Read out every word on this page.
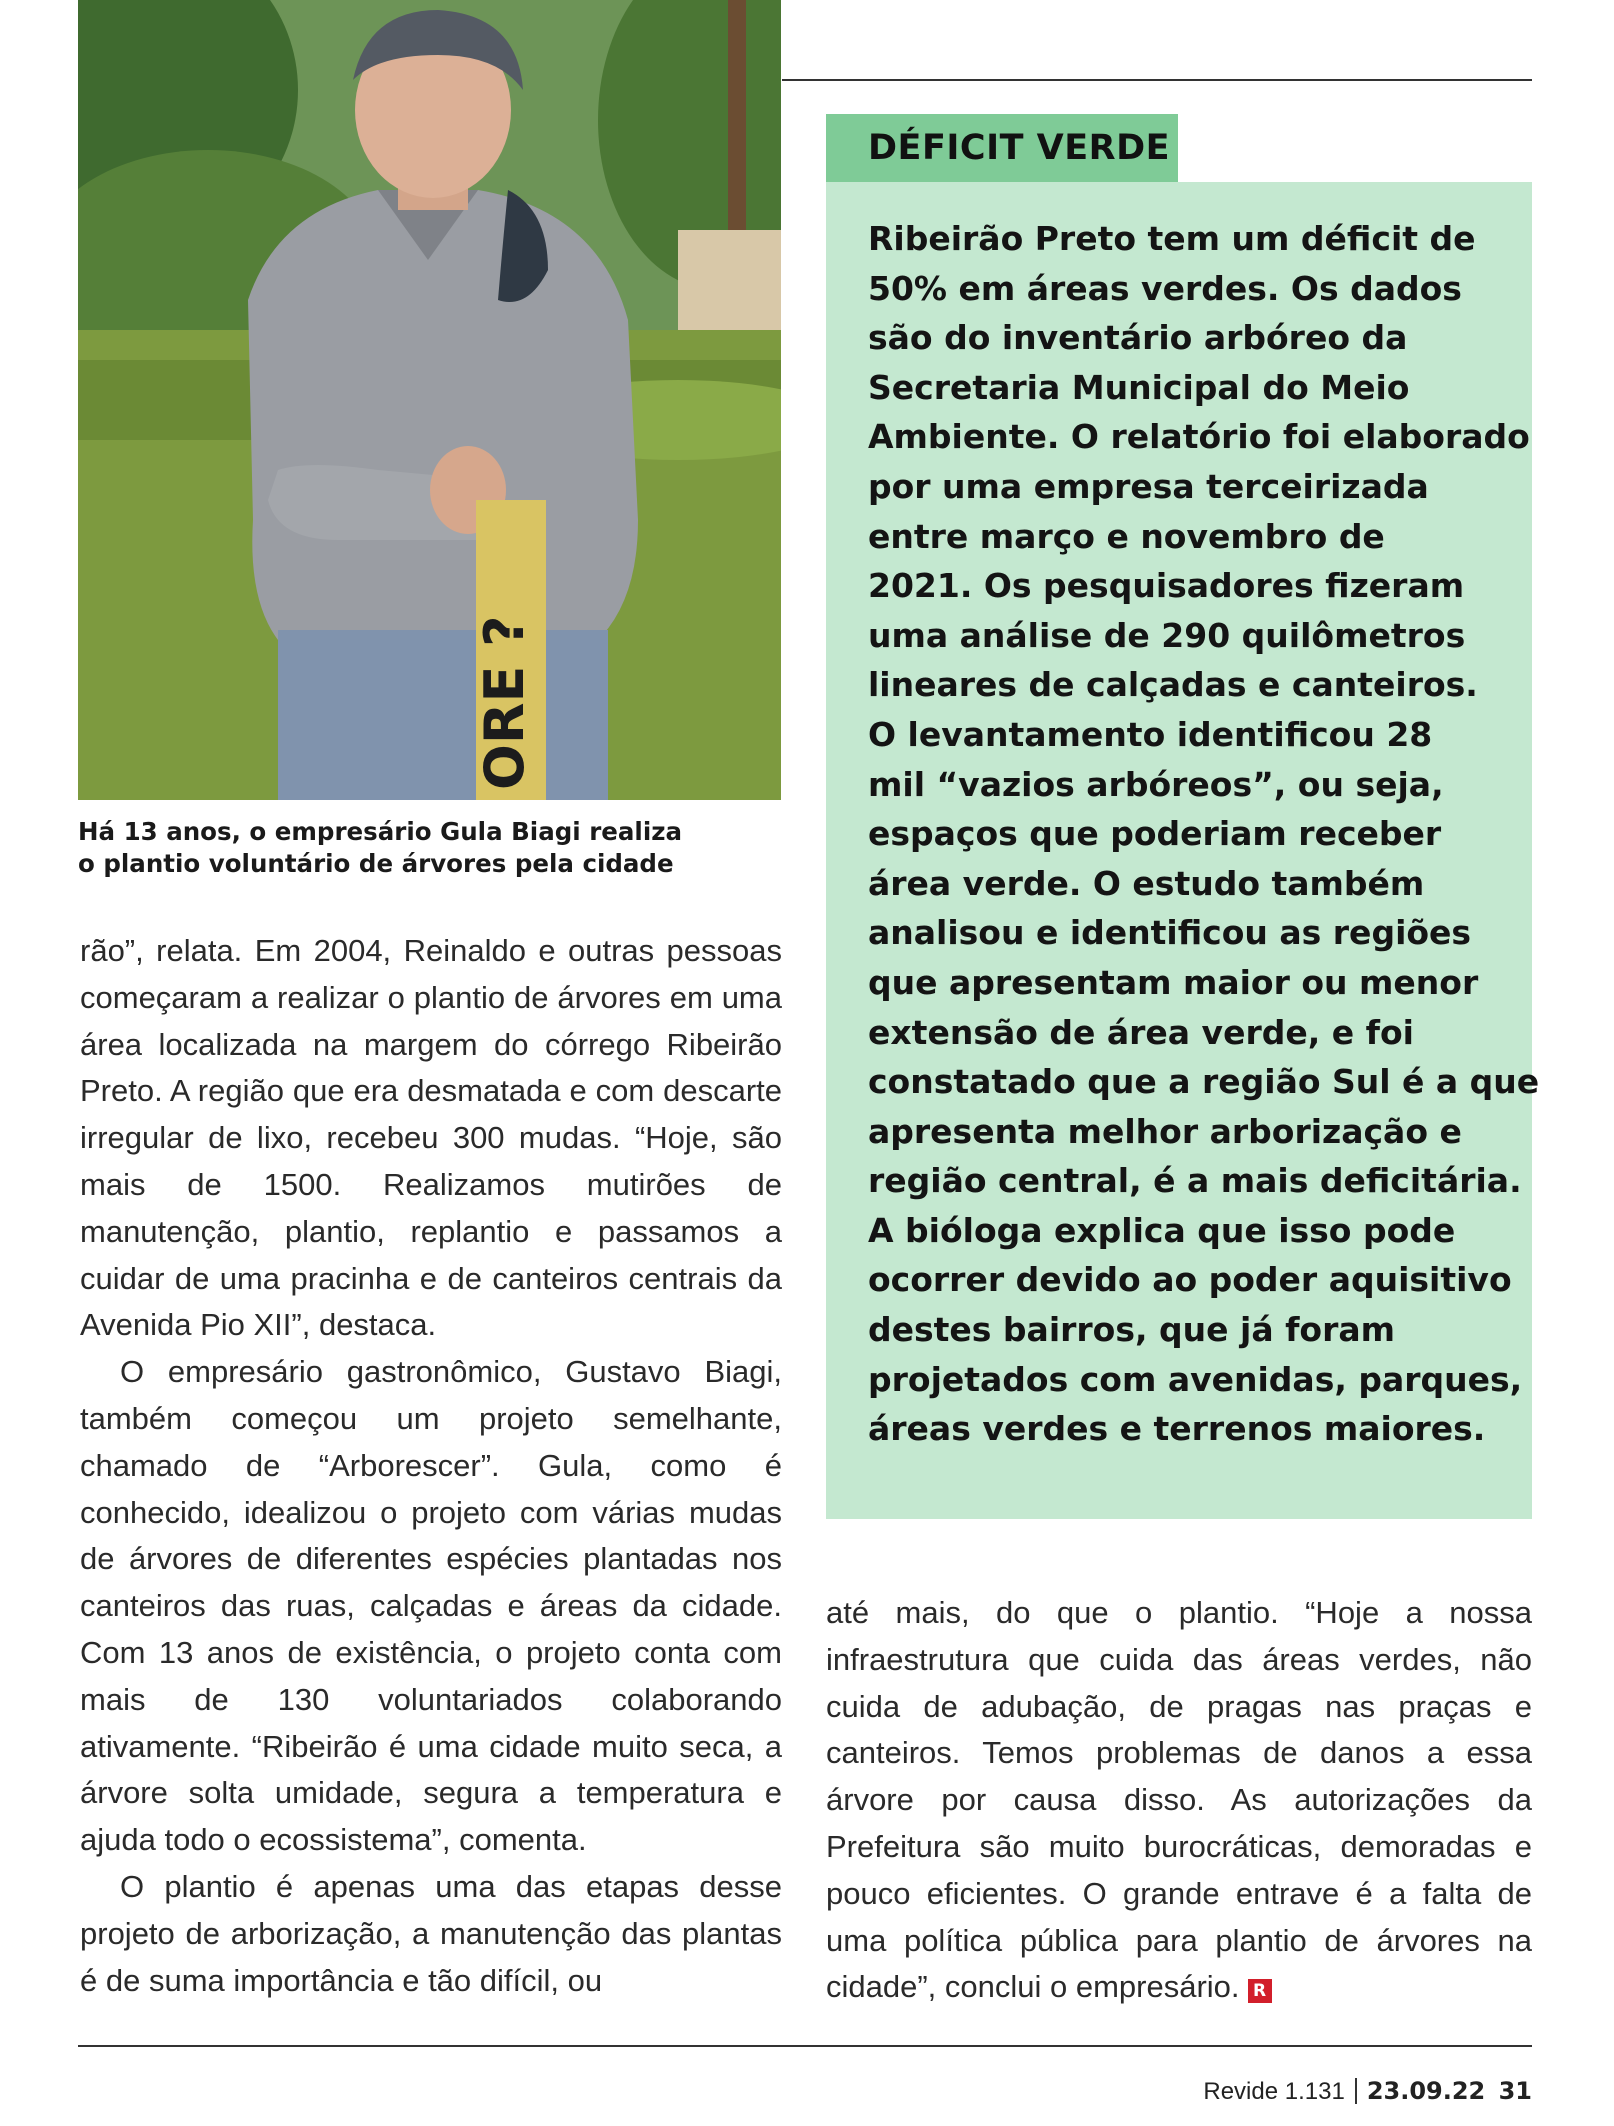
ORE ?
Há 13 anos, o empresário Gula Biagi realiza
o plantio voluntário de árvores pela cidade

rão”, relata. Em 2004, Reinaldo e outras pessoas começaram a realizar o plantio de árvores em uma área localizada na margem do córrego Ribeirão Preto. A região que era desmatada e com descarte irregular de lixo, recebeu 300 mudas. “Hoje, são mais de 1500. Realizamos mutirões de manutenção, plantio, replantio e passamos a cuidar de uma pracinha e de canteiros centrais da Avenida Pio XII”, destaca.

O empresário gastronômico, Gustavo Biagi, também começou um projeto semelhante, chamado de “Arborescer”. Gula, como é conhecido, idealizou o projeto com várias mudas de árvores de diferentes espécies plantadas nos canteiros das ruas, calçadas e áreas da cidade. Com 13 anos de existência, o projeto conta com mais de 130 voluntariados colaborando ativamente. “Ribeirão é uma cidade muito seca, a árvore solta umidade, segura a temperatura e ajuda todo o ecossistema”, comenta.

O plantio é apenas uma das etapas desse projeto de arborização, a manutenção das plantas é de suma importância e tão difícil, ou

DÉFICIT VERDE
Ribeirão Preto tem um déficit de
50% em áreas verdes. Os dados
são do inventário arbóreo da
Secretaria Municipal do Meio
Ambiente. O relatório foi elaborado
por uma empresa terceirizada
entre março e novembro de
2021. Os pesquisadores fizeram
uma análise de 290 quilômetros
lineares de calçadas e canteiros.
O levantamento identificou 28
mil “vazios arbóreos”, ou seja,
espaços que poderiam receber
área verde. O estudo também
analisou e identificou as regiões
que apresentam maior ou menor
extensão de área verde, e foi
constatado que a região Sul é a que
apresenta melhor arborização e
região central, é a mais deficitária.
A bióloga explica que isso pode
ocorrer devido ao poder aquisitivo
destes bairros, que já foram
projetados com avenidas, parques,
áreas verdes e terrenos maiores.

até mais, do que o plantio. “Hoje a nossa infraestrutura que cuida das áreas verdes, não cuida de adubação, de pragas nas praças e canteiros. Temos problemas de danos a essa árvore por causa disso. As autorizações da Prefeitura são muito burocráticas, demoradas e pouco eficientes. O grande entrave é a falta de uma política pública para plantio de árvores na cidade”, conclui o empresário. R

Revide 1.131 23.09.22 31
